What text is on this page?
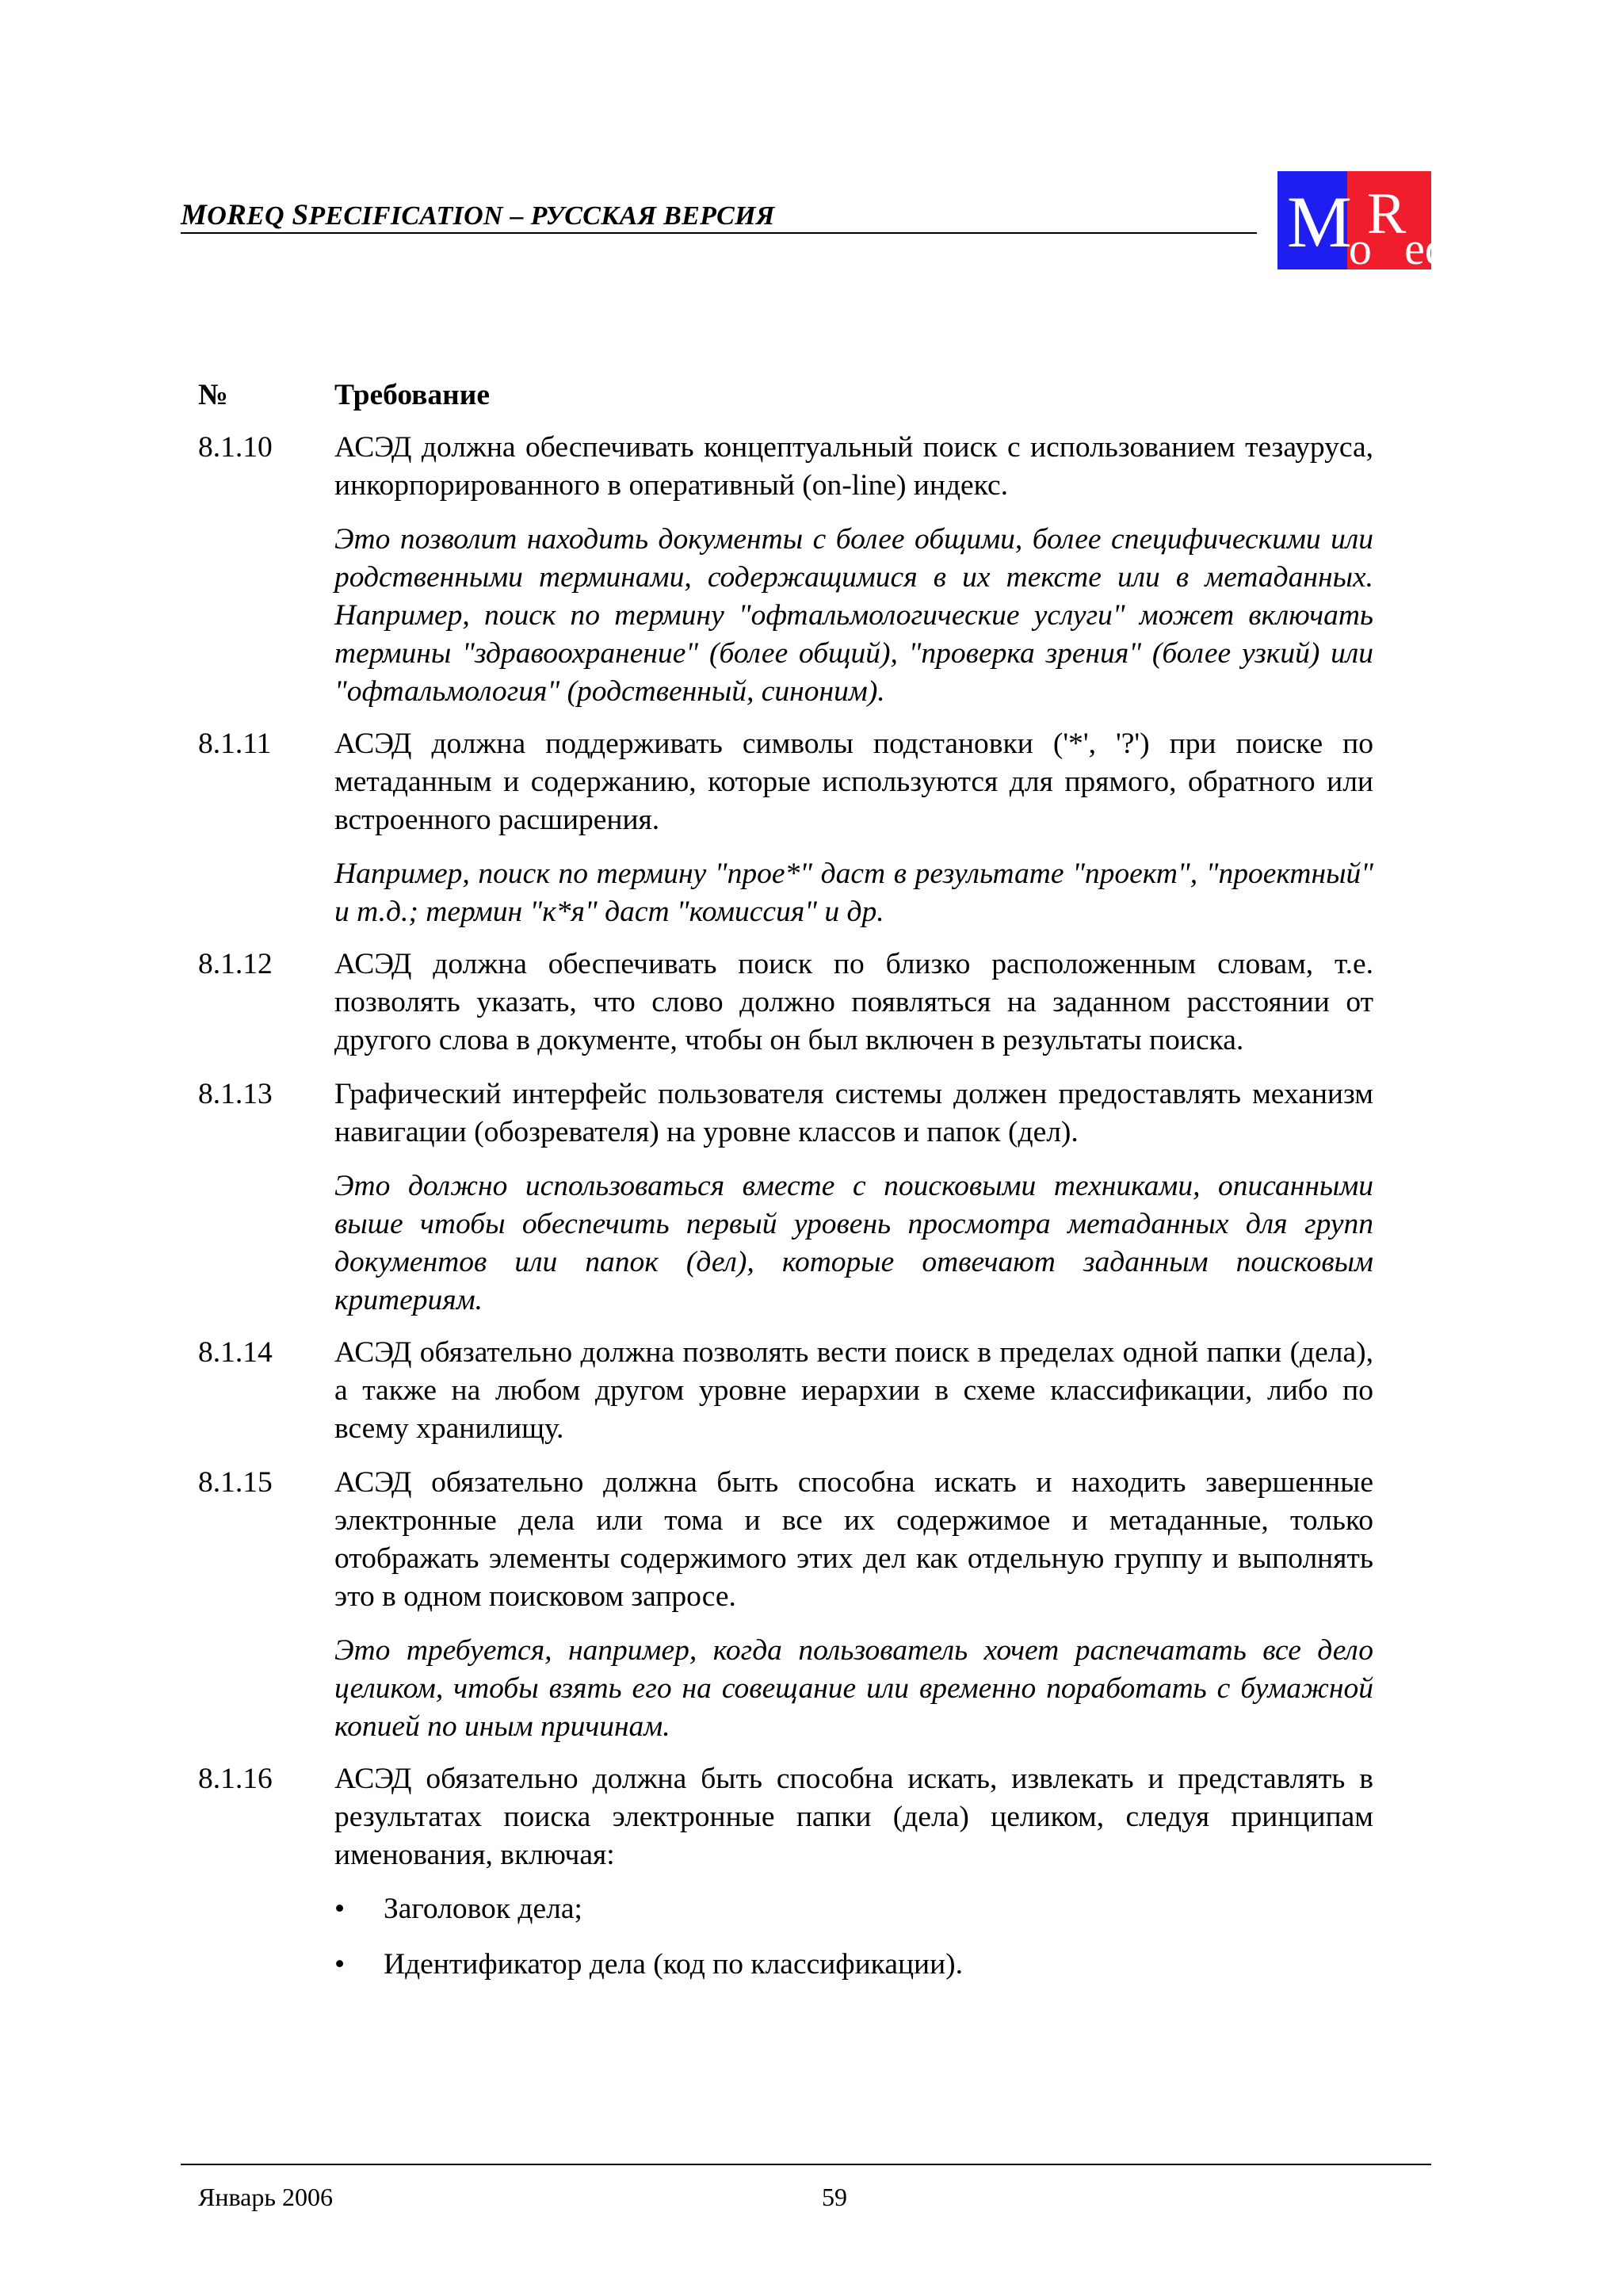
MOREQ SPECIFICATION – РУССКАЯ ВЕРСИЯ	MoReq
№	Требование
8.1.10	АСЭД должна обеспечивать концептуальный поиск с использованием тезауруса, инкорпорированного в оперативный (on-line) индекс.

Это позволит находить документы с более общими, более специфическими или родственными терминами, содержащимися в их тексте или в метаданных. Например, поиск по термину "офтальмологические услуги" может включать термины "здравоохранение" (более общий), "проверка зрения" (более узкий) или "офтальмология" (родственный, синоним).

8.1.11	АСЭД должна поддерживать символы подстановки ('*', '?') при поиске по метаданным и содержанию, которые используются для прямого, обратного или встроенного расширения.

Например, поиск по термину "прое*" даст в результате "проект", "проектный" и т.д.; термин "к*я" даст "комиссия" и др.

8.1.12	АСЭД должна обеспечивать поиск по близко расположенным словам, т.е. позволять указать, что слово должно появляться на заданном расстоянии от другого слова в документе, чтобы он был включен в результаты поиска.

8.1.13	Графический интерфейс пользователя системы должен предоставлять механизм навигации (обозревателя) на уровне классов и папок (дел).

Это должно использоваться вместе с поисковыми техниками, описанными выше чтобы обеспечить первый уровень просмотра метаданных для групп документов или папок (дел), которые отвечают заданным поисковым критериям.

8.1.14	АСЭД обязательно должна позволять вести поиск в пределах одной папки (дела), а также на любом другом уровне иерархии в схеме классификации, либо по всему хранилищу.

8.1.15	АСЭД обязательно должна быть способна искать и находить завершенные электронные дела или тома и все их содержимое и метаданные, только отображать элементы содержимого этих дел как отдельную группу и выполнять это в одном поисковом запросе.

Это требуется, например, когда пользователь хочет распечатать все дело целиком, чтобы взять его на совещание или временно поработать с бумажной копией по иным причинам.

8.1.16	АСЭД обязательно должна быть способна искать, извлекать и представлять в результатах поиска электронные папки (дела) целиком, следуя принципам именования, включая:

•	Заголовок дела;
•	Идентификатор дела (код по классификации).
Январь 2006	59
